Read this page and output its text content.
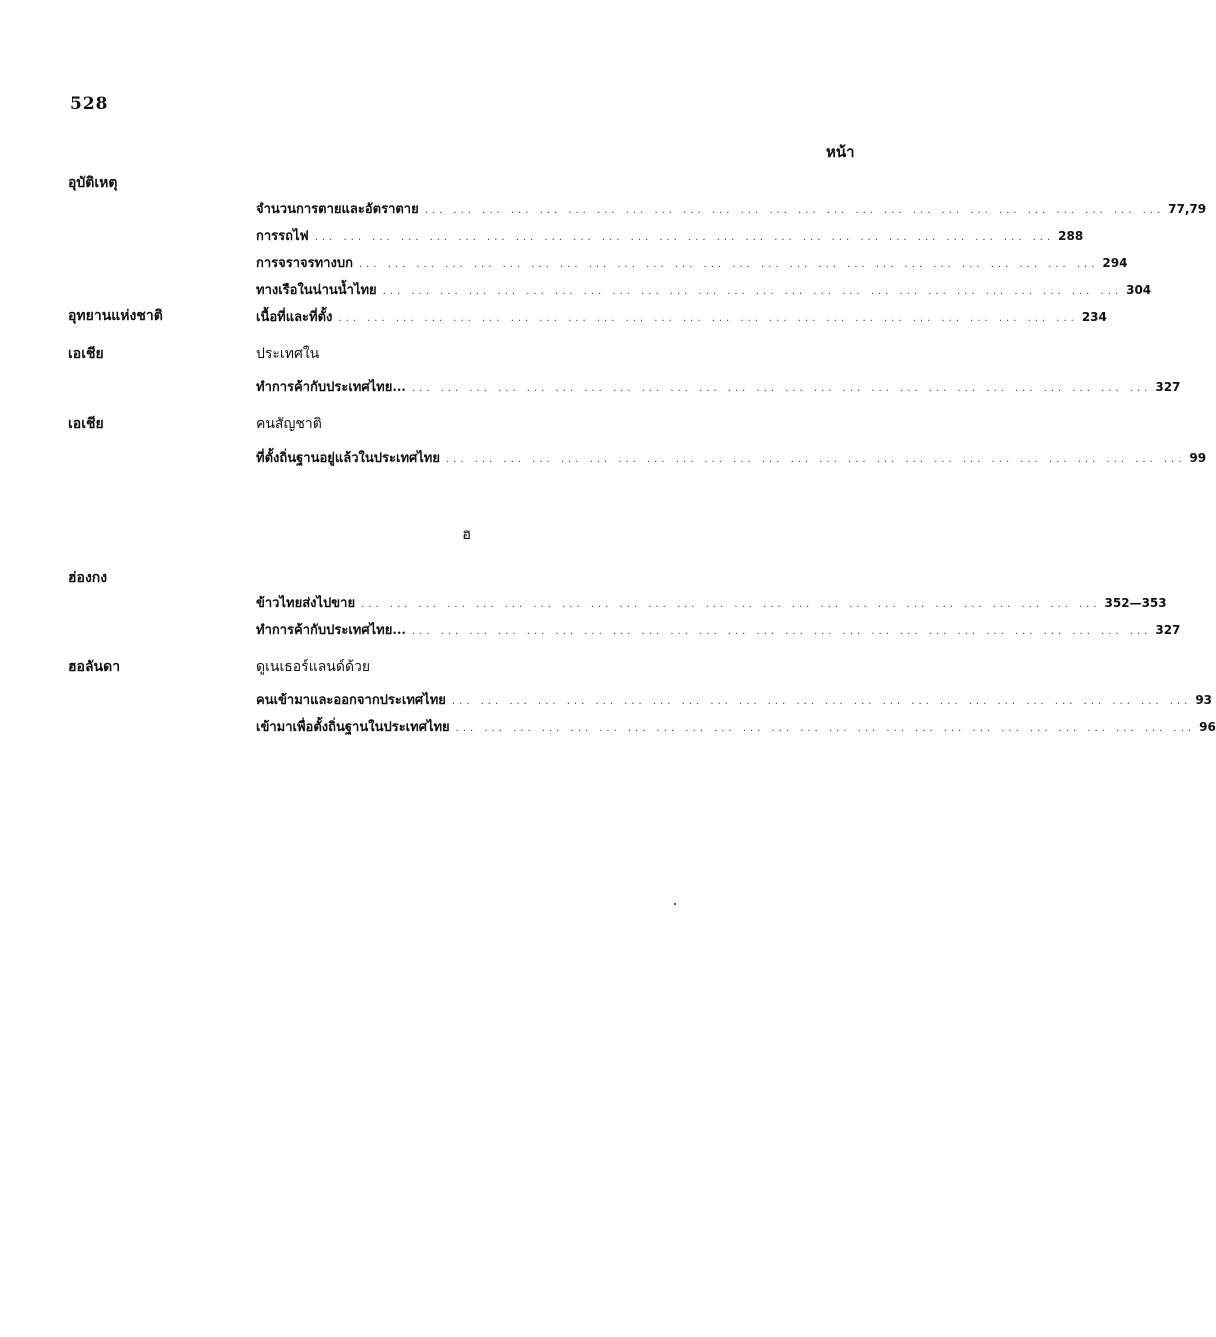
528
หน้า
อุบัติเหตุ
จำนวนการตายและอัตราตาย ... ... ... ... ... ... ... ... ... ... ... ... ... ... ... ... ... ... ... ... ... ... ... ... ... ... 77,79
การรถไฟ ... ... ... ... ... ... ... ... ... ... ... ... ... ... ... ... ... ... ... ... ... ... ... ... ... ... 288
การจราจรทางบก ... ... ... ... ... ... ... ... ... ... ... ... ... ... ... ... ... ... ... ... ... ... ... ... ... ... 294
ทางเรือในน่านน้ำไทย ... ... ... ... ... ... ... ... ... ... ... ... ... ... ... ... ... ... ... ... ... ... ... ... ... ... 304
อุทยานแห่งชาติ	เนื้อที่และที่ตั้ง ... ... ... ... ... ... ... ... ... ... ... ... ... ... ... ... ... ... ... ... ... ... ... ... ... ... 234
เอเชีย	ประเทศใน
ทำการค้ากับประเทศไทย... ... ... ... ... ... ... ... ... ... ... ... ... ... ... ... ... ... ... ... ... ... ... ... ... ... ... 327
เอเชีย	คนสัญชาติ
ที่ตั้งถิ่นฐานอยู่แล้วในประเทศไทย ... ... ... ... ... ... ... ... ... ... ... ... ... ... ... ... ... ... ... ... ... ... ... ... ... ... 99
ฮ
ฮ่องกง
ข้าวไทยส่งไปขาย ... ... ... ... ... ... ... ... ... ... ... ... ... ... ... ... ... ... ... ... ... ... ... ... ... ... 352—353
ทำการค้ากับประเทศไทย... ... ... ... ... ... ... ... ... ... ... ... ... ... ... ... ... ... ... ... ... ... ... ... ... ... ... 327
ฮอลันดา	ดูเนเธอร์แลนด์ด้วย
คนเข้ามาและออกจากประเทศไทย ... ... ... ... ... ... ... ... ... ... ... ... ... ... ... ... ... ... ... ... ... ... ... ... ... ... 93
เข้ามาเพื่อตั้งถิ่นฐานในประเทศไทย ... ... ... ... ... ... ... ... ... ... ... ... ... ... ... ... ... ... ... ... ... ... ... ... ... ... 96
